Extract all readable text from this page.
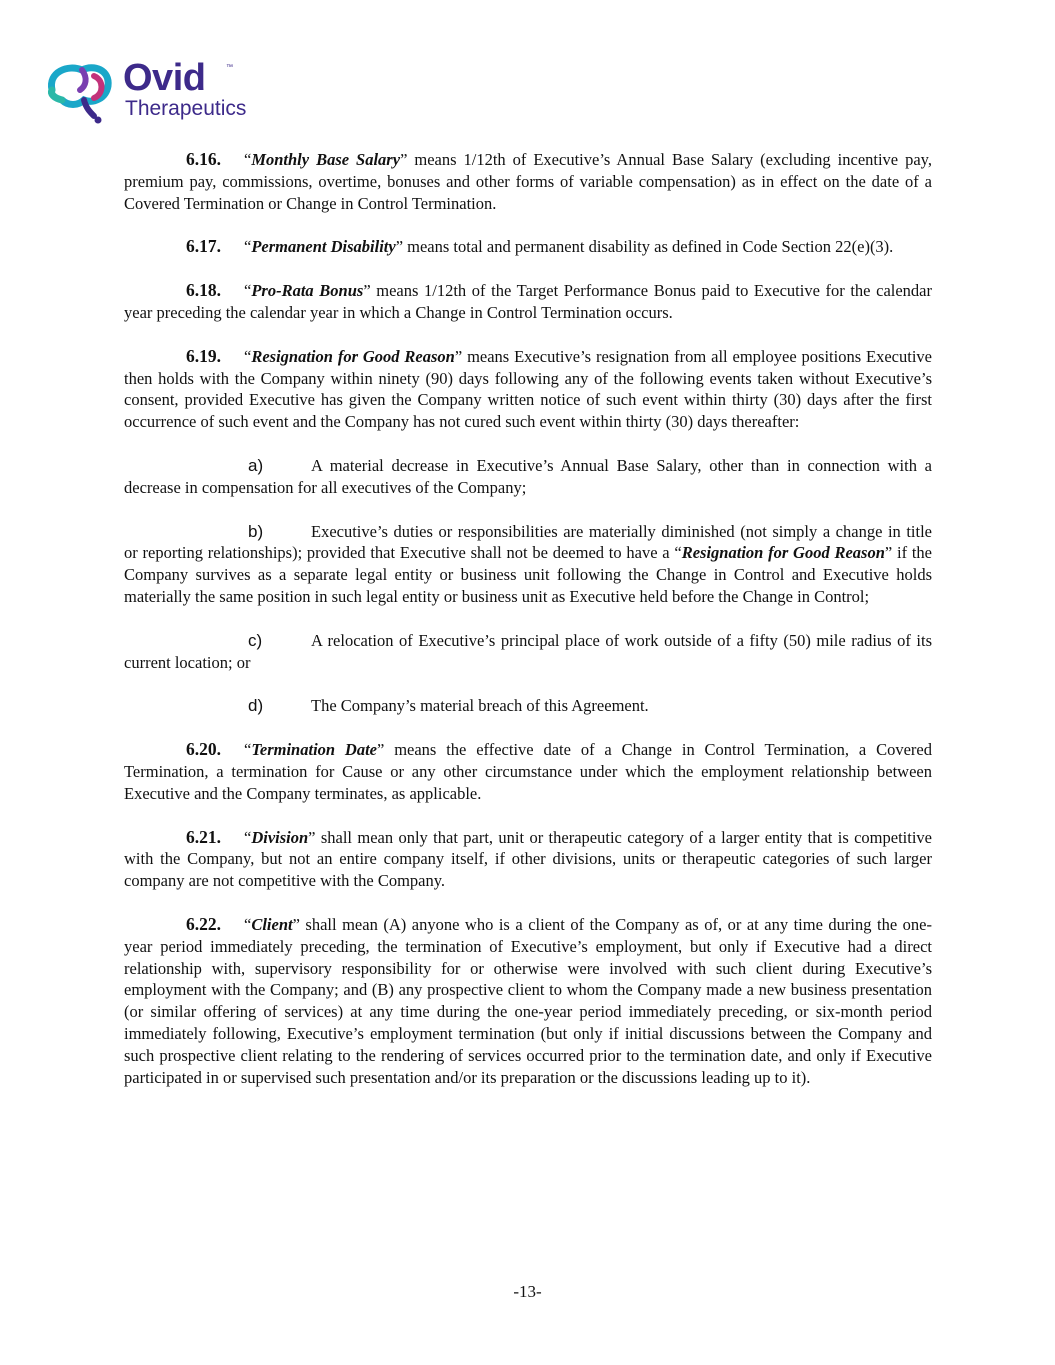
Ovid	™
Therapeutics

6.16. “Monthly Base Salary” means 1/12th of Executive’s Annual Base Salary (excluding incentive pay, premium pay, commissions, overtime, bonuses and other forms of variable compensation) as in effect on the date of a Covered Termination or Change in Control Termination.

6.17. “Permanent Disability” means total and permanent disability as defined in Code Section 22(e)(3).

6.18. “Pro-Rata Bonus” means 1/12th of the Target Performance Bonus paid to Executive for the calendar year preceding the calendar year in which a Change in Control Termination occurs.

6.19. “Resignation for Good Reason” means Executive’s resignation from all employee positions Executive then holds with the Company within ninety (90) days following any of the following events taken without Executive’s consent, provided Executive has given the Company written notice of such event within thirty (30) days after the first occurrence of such event and the Company has not cured such event within thirty (30) days thereafter:

a)	A material decrease in Executive’s Annual Base Salary, other than in connection with a decrease in compensation for all executives of the Company;

b)	Executive’s duties or responsibilities are materially diminished (not simply a change in title or reporting relationships); provided that Executive shall not be deemed to have a “Resignation for Good Reason” if the Company survives as a separate legal entity or business unit following the Change in Control and Executive holds materially the same position in such legal entity or business unit as Executive held before the Change in Control;

c)	A relocation of Executive’s principal place of work outside of a fifty (50) mile radius of its current location; or

d)	The Company’s material breach of this Agreement.

6.20. “Termination Date” means the effective date of a Change in Control Termination, a Covered Termination, a termination for Cause or any other circumstance under which the employment relationship between Executive and the Company terminates, as applicable.

6.21. “Division” shall mean only that part, unit or therapeutic category of a larger entity that is competitive with the Company, but not an entire company itself, if other divisions, units or therapeutic categories of such larger company are not competitive with the Company.

6.22. “Client” shall mean (A) anyone who is a client of the Company as of, or at any time during the one-year period immediately preceding, the termination of Executive’s employment, but only if Executive had a direct relationship with, supervisory responsibility for or otherwise were involved with such client during Executive’s employment with the Company; and (B) any prospective client to whom the Company made a new business presentation (or similar offering of services) at any time during the one-year period immediately preceding, or six-month period immediately following, Executive’s employment termination (but only if initial discussions between the Company and such prospective client relating to the rendering of services occurred prior to the termination date, and only if Executive participated in or supervised such presentation and/or its preparation or the discussions leading up to it).

-13-
